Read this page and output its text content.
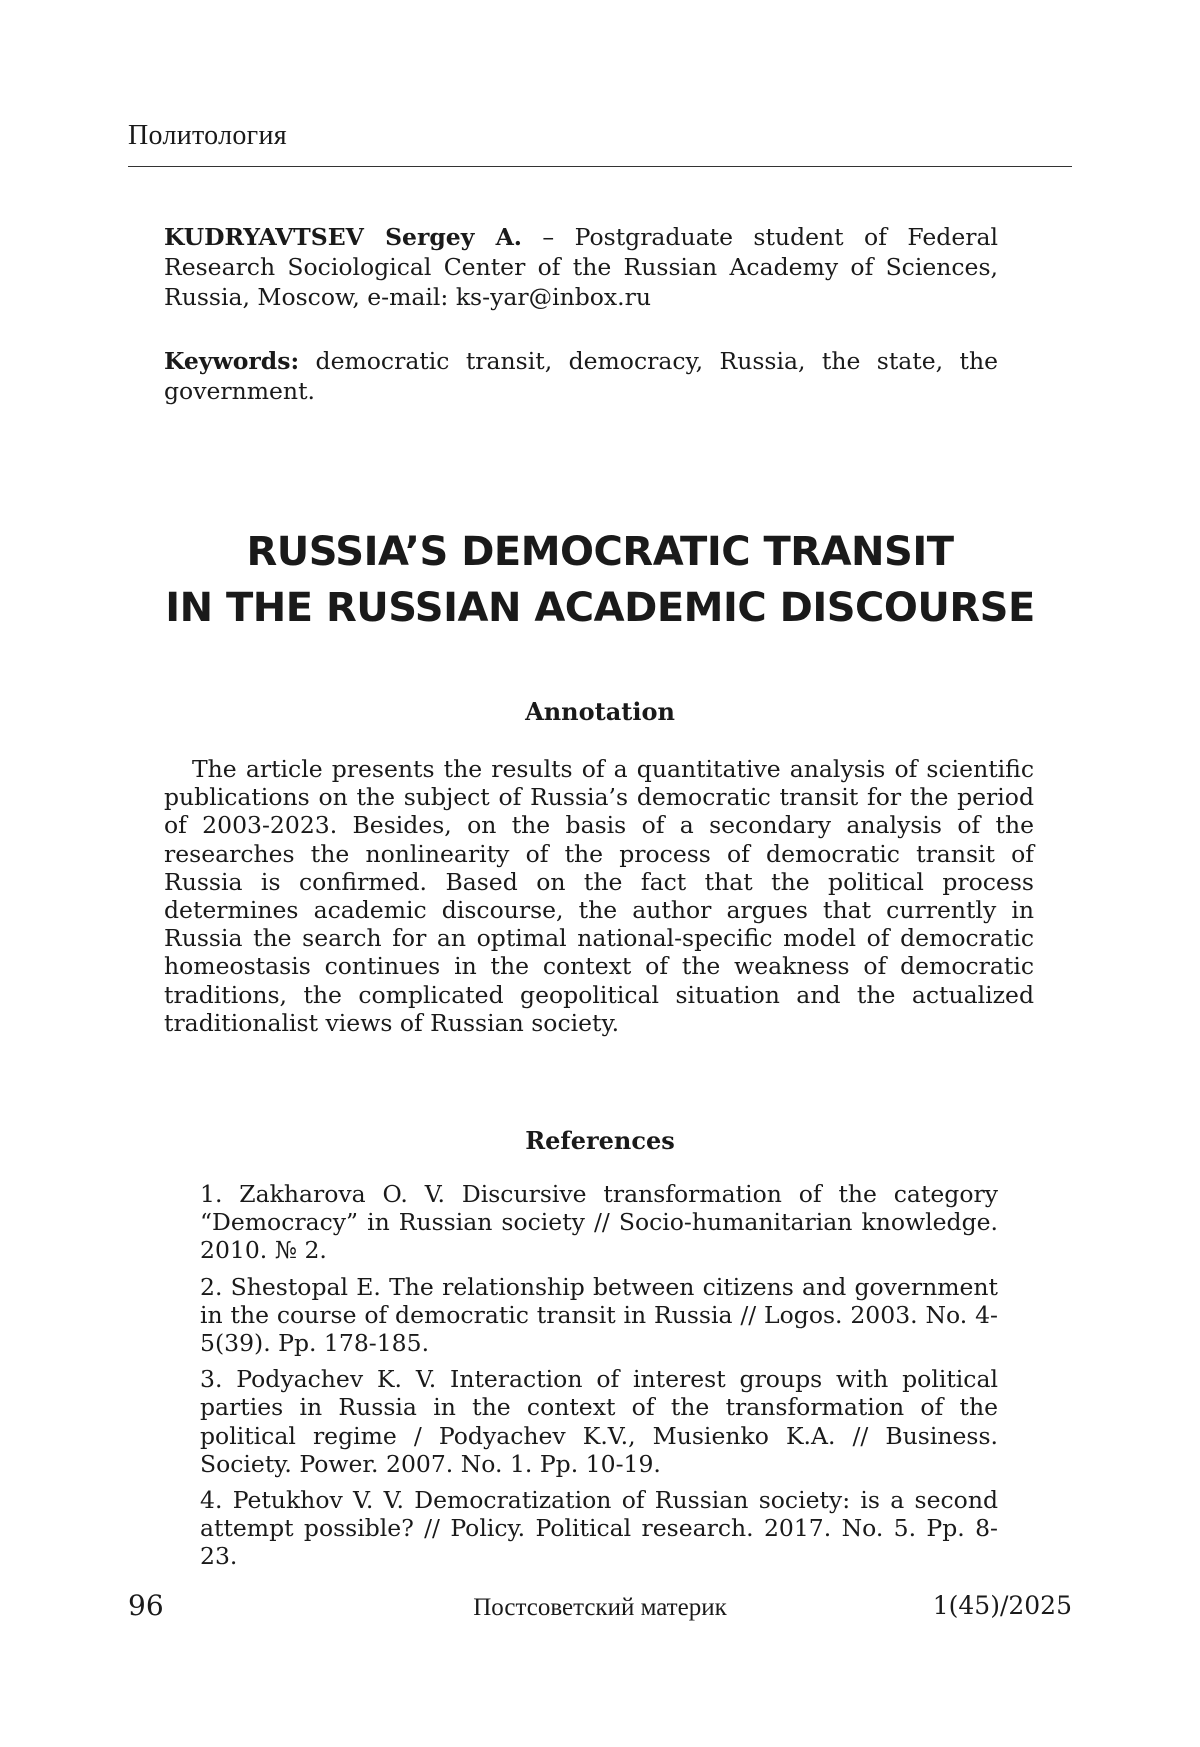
Политология
KUDRYAVTSEV Sergey A. – Postgraduate student of Federal Research Sociological Center of the Russian Academy of Sciences, Russia, Moscow, e-mail: ks-yar@inbox.ru
Keywords: democratic transit, democracy, Russia, the state, the government.
RUSSIA’S DEMOCRATIC TRANSIT
IN THE RUSSIAN ACADEMIC DISCOURSE
Annotation

The article presents the results of a quantitative analysis of scientific publications on the subject of Russia’s democratic transit for the period of 2003-2023. Besides, on the basis of a secondary analysis of the researches the nonlinearity of the process of democratic transit of Russia is confirmed. Based on the fact that the political process determines academic discourse, the author argues that currently in Russia the search for an optimal national-specific model of democratic homeostasis continues in the context of the weakness of democratic traditions, the complicated geopolitical situation and the actualized traditionalist views of Russian society.

References
1. Zakharova O. V. Discursive transformation of the category “Democracy” in Russian society // Socio-humanitarian knowledge. 2010. № 2.
2. Shestopal E. The relationship between citizens and government in the course of democratic transit in Russia // Logos. 2003. No. 4-5(39). Pp. 178-185.
3. Podyachev K. V. Interaction of interest groups with political parties in Russia in the context of the transformation of the political regime / Podyachev K.V., Musienko K.A. // Business. Society. Power. 2007. No. 1. Pp. 10-19.
4. Petukhov V. V. Democratization of Russian society: is a second attempt possible? // Policy. Political research. 2017. No. 5. Pp. 8-23.
96	Постсоветский материк	1(45)/2025
